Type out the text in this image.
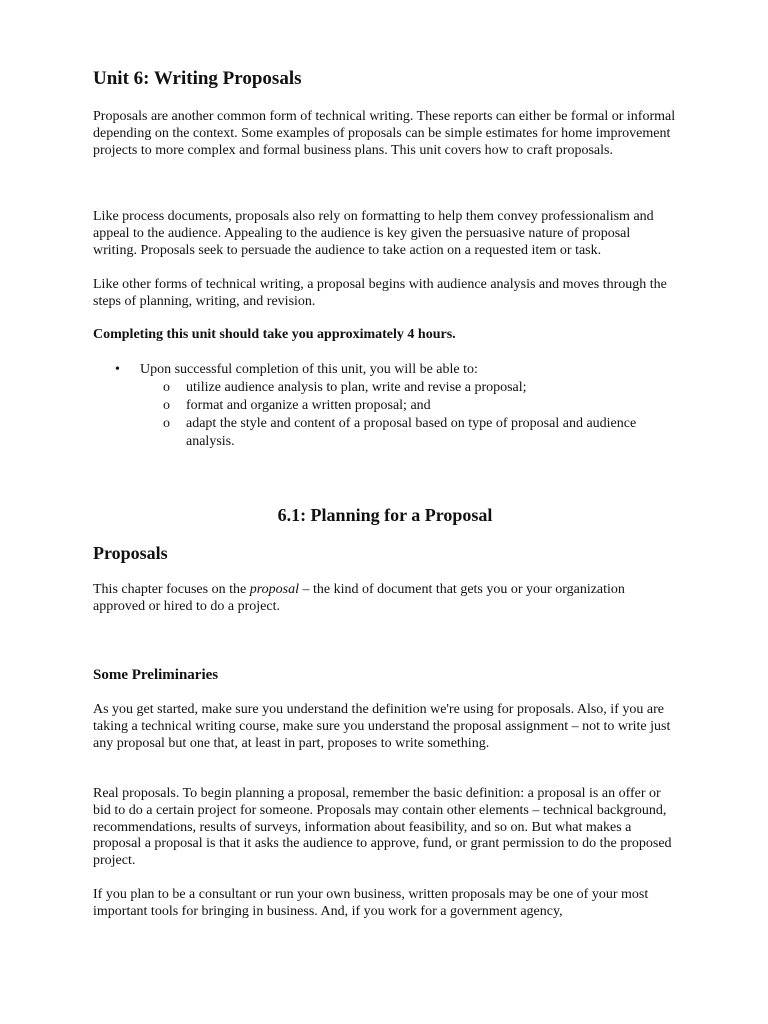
Unit 6: Writing Proposals

Proposals are another common form of technical writing. These reports can either be formal or informal depending on the context. Some examples of proposals can be simple estimates for home improvement projects to more complex and formal business plans. This unit covers how to craft proposals.

Like process documents, proposals also rely on formatting to help them convey professionalism and appeal to the audience. Appealing to the audience is key given the persuasive nature of proposal writing. Proposals seek to persuade the audience to take action on a requested item or task.

Like other forms of technical writing, a proposal begins with audience analysis and moves through the steps of planning, writing, and revision.

Completing this unit should take you approximately 4 hours.

• Upon successful completion of this unit, you will be able to:
o utilize audience analysis to plan, write and revise a proposal;
o format and organize a written proposal; and
o adapt the style and content of a proposal based on type of proposal and audience analysis.
6.1: Planning for a Proposal
Proposals

This chapter focuses on the proposal – the kind of document that gets you or your organization approved or hired to do a project.

Some Preliminaries

As you get started, make sure you understand the definition we're using for proposals. Also, if you are taking a technical writing course, make sure you understand the proposal assignment – not to write just any proposal but one that, at least in part, proposes to write something.

Real proposals. To begin planning a proposal, remember the basic definition: a proposal is an offer or bid to do a certain project for someone. Proposals may contain other elements – technical background, recommendations, results of surveys, information about feasibility, and so on. But what makes a proposal a proposal is that it asks the audience to approve, fund, or grant permission to do the proposed project.

If you plan to be a consultant or run your own business, written proposals may be one of your most important tools for bringing in business. And, if you work for a government agency,
